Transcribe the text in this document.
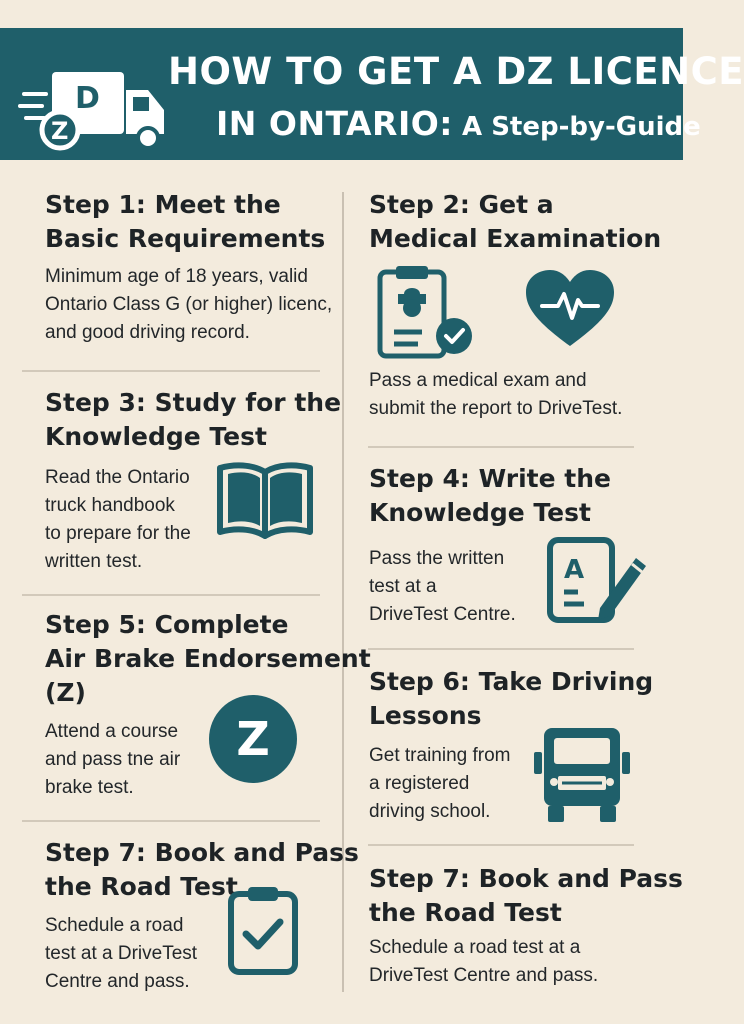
D
Z
HOW TO GET A DZ LICENCE
IN ONTARIO: A Step-by-Guide
Step 1: Meet the
Basic Requirements
Minimum age of 18 years, valid
Ontario Class G (or higher) licenc,
and good driving record.
Step 2: Get a
Medical Examination
Pass a medical exam and
submit the report to DriveTest.
Step 3: Study for the
Knowledge Test
Read the Ontario
truck handbook
to prepare for the
written test.
Step 4: Write the
Knowledge Test
Pass the written
test at a
DriveTest Centre.
A
Step 5: Complete
Air Brake Endorsement
(Z)
Attend a course
and pass tne air
brake test.
Z
Step 6: Take Driving
Lessons
Get training from
a registered
driving school.
Step 7: Book and Pass
the Road Test
Schedule a road
test at a DriveTest
Centre and pass.
Step 7: Book and Pass
the Road Test
Schedule a road test at a
DriveTest Centre and pass.
